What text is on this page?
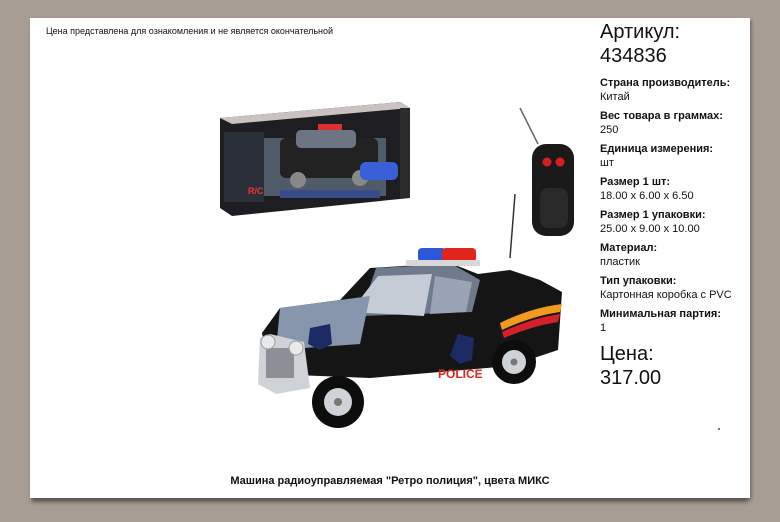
Цена представлена для ознакомления и не является окончательной
R/C
POLICE
Артикул:
434836
Страна производитель:
Китай
Вес товара в граммах:
250
Единица измерения:
шт
Размер 1 шт:
18.00 x 6.00 x 6.50
Размер 1 упаковки:
25.00 x 9.00 x 10.00
Материал:
пластик
Тип упаковки:
Картонная коробка с PVC
Минимальная партия:
1
Цена:
317.00
Машина радиоуправляемая "Ретро полиция", цвета МИКС
